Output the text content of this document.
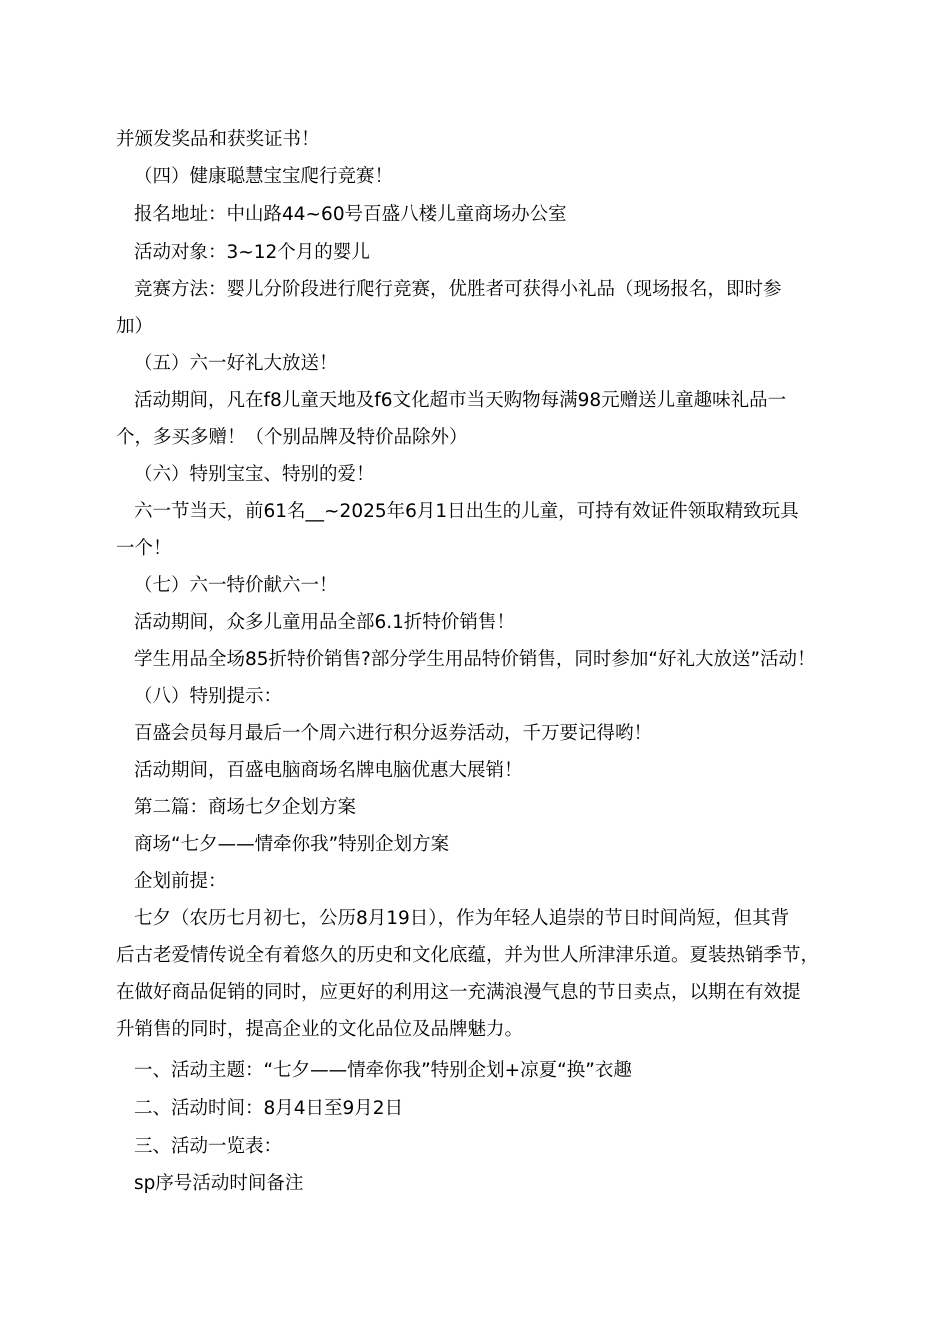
并颁发奖品和获奖证书！
（四）健康聪慧宝宝爬行竞赛！
报名地址：中山路44~60号百盛八楼儿童商场办公室
活动对象：3~12个月的婴儿
竞赛方法：婴儿分阶段进行爬行竞赛，优胜者可获得小礼品（现场报名，即时参
加）
（五）六一好礼大放送！
活动期间，凡在f8儿童天地及f6文化超市当天购物每满98元赠送儿童趣味礼品一
个，多买多赠！（个别品牌及特价品除外）
（六）特别宝宝、特别的爱！
六一节当天，前61名__~2025年6月1日出生的儿童，可持有效证件领取精致玩具
一个！
（七）六一特价献六一！
活动期间，众多儿童用品全部6.1折特价销售！
学生用品全场85折特价销售?部分学生用品特价销售，同时参加“好礼大放送”活动！
（八）特别提示：
百盛会员每月最后一个周六进行积分返券活动，千万要记得哟！
活动期间，百盛电脑商场名牌电脑优惠大展销！
第二篇：商场七夕企划方案
商场“七夕——情牵你我”特别企划方案
企划前提：
七夕（农历七月初七，公历8月19日），作为年轻人追崇的节日时间尚短，但其背
后古老爱情传说全有着悠久的历史和文化底蕴，并为世人所津津乐道。夏装热销季节，
在做好商品促销的同时，应更好的利用这一充满浪漫气息的节日卖点，以期在有效提
升销售的同时，提高企业的文化品位及品牌魅力。
一、活动主题：“七夕——情牵你我”特别企划+凉夏“换”衣趣
二、活动时间：8月4日至9月2日
三、活动一览表：
sp序号活动时间备注
